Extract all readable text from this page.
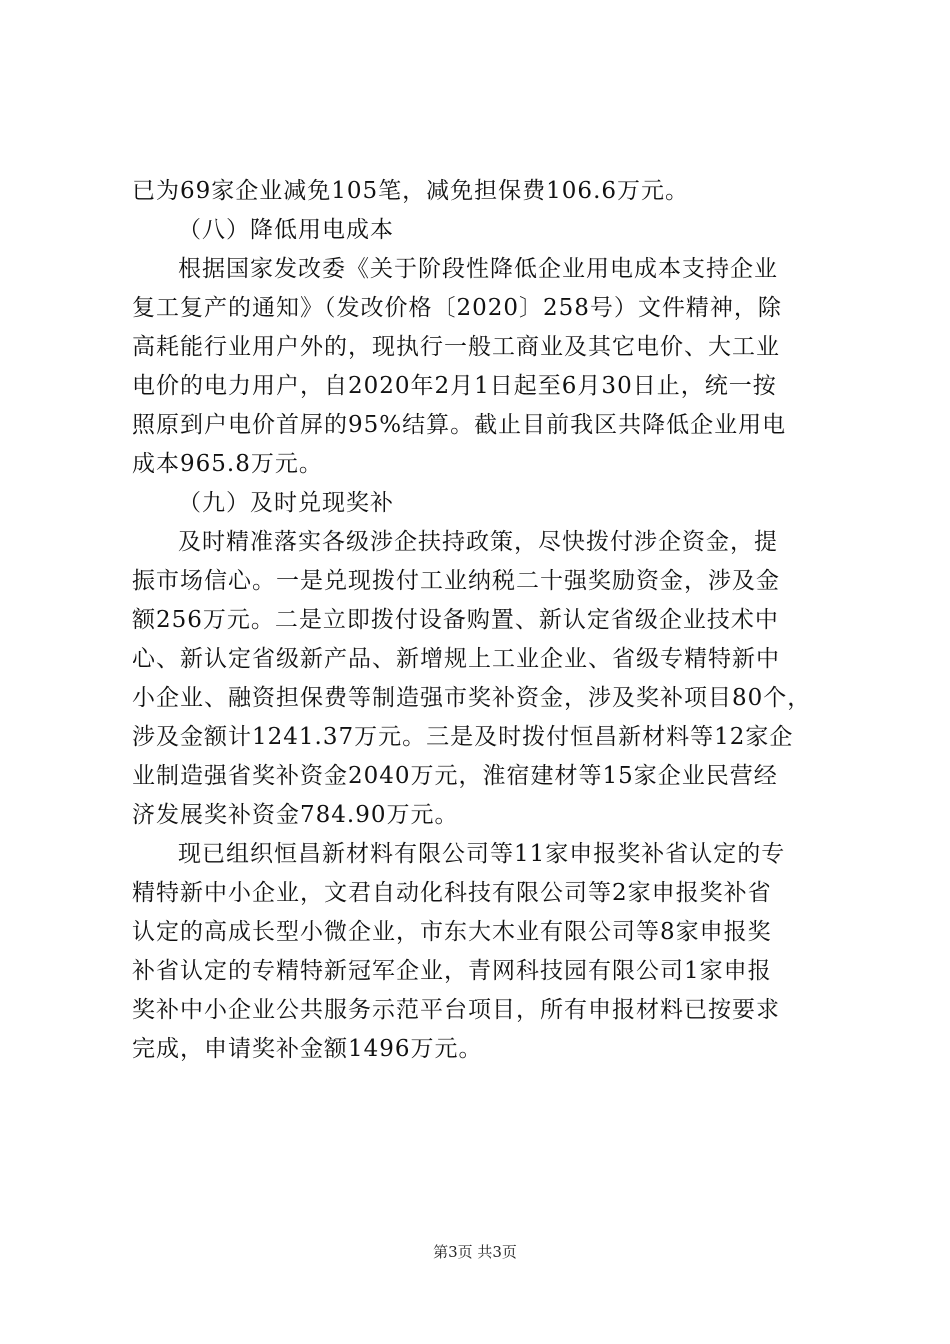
已为69家企业减免105笔，减免担保费106.6万元。
（八）降低用电成本
根据国家发改委《关于阶段性降低企业用电成本支持企业
复工复产的通知》（发改价格〔2020〕258号）文件精神，除
高耗能行业用户外的，现执行一般工商业及其它电价、大工业
电价的电力用户，自2020年2月1日起至6月30日止，统一按
照原到户电价首屏的95%结算。截止目前我区共降低企业用电
成本965.8万元。
（九）及时兑现奖补
及时精准落实各级涉企扶持政策，尽快拨付涉企资金，提
振市场信心。一是兑现拨付工业纳税二十强奖励资金，涉及金
额256万元。二是立即拨付设备购置、新认定省级企业技术中
心、新认定省级新产品、新增规上工业企业、省级专精特新中
小企业、融资担保费等制造强市奖补资金，涉及奖补项目80个，
涉及金额计1241.37万元。三是及时拨付恒昌新材料等12家企
业制造强省奖补资金2040万元，淮宿建材等15家企业民营经
济发展奖补资金784.90万元。
现已组织恒昌新材料有限公司等11家申报奖补省认定的专
精特新中小企业，文君自动化科技有限公司等2家申报奖补省
认定的高成长型小微企业，市东大木业有限公司等8家申报奖
补省认定的专精特新冠军企业，青网科技园有限公司1家申报
奖补中小企业公共服务示范平台项目，所有申报材料已按要求
完成，申请奖补金额1496万元。
第3页 共3页
